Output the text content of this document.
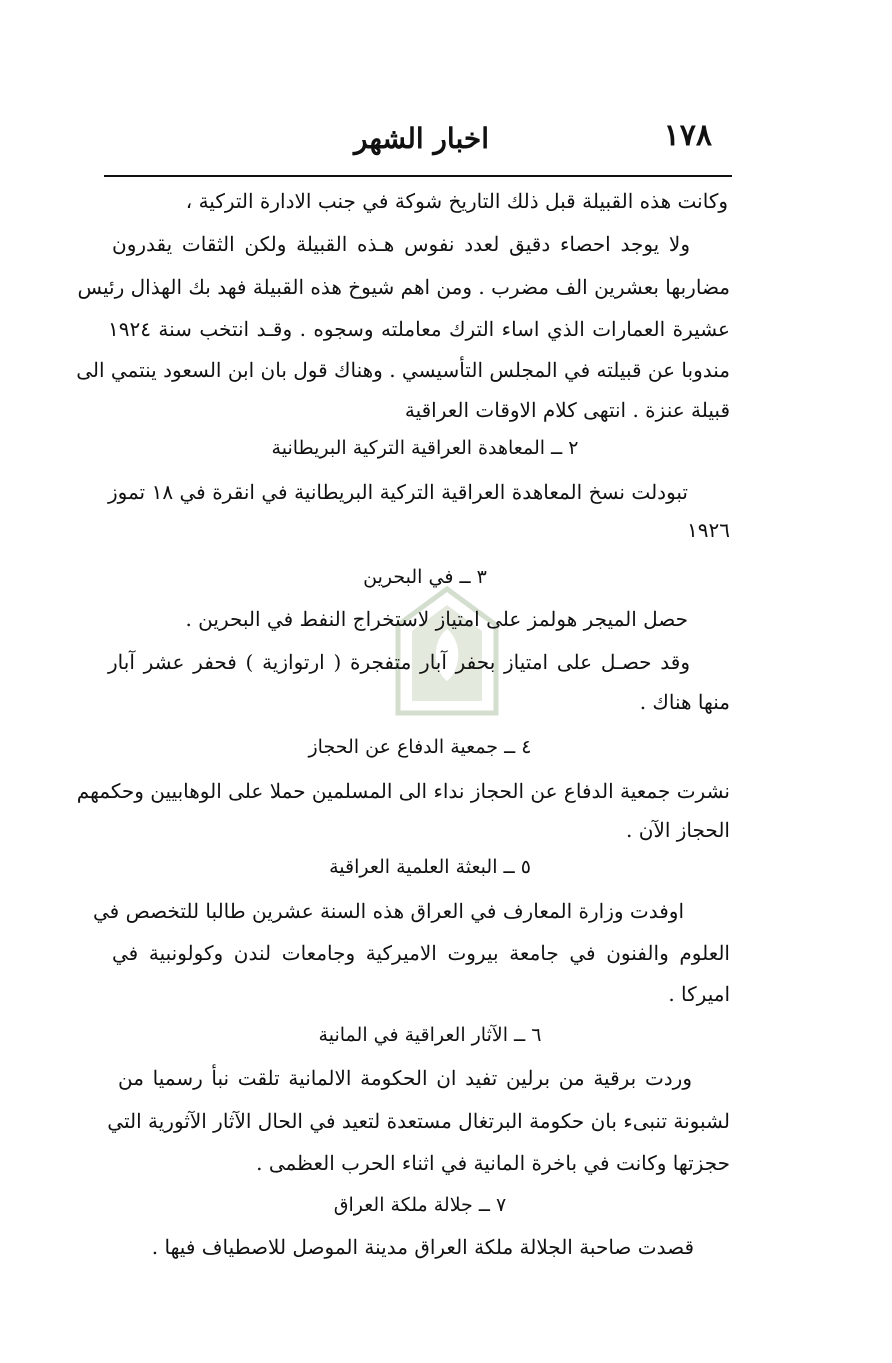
١٧٨
اخبار الشهر
وكانت هذه القبيلة قبل ذلك التاريخ شوكة في جنب الادارة التركية ،
ولا يوجد احصاء دقيق لعدد نفوس هـذه القبيلة ولكن الثقات يقدرون
مضاربها بعشرين الف مضرب . ومن اهم شيوخ هذه القبيلة فهد بك الهذال رئيس
عشيرة العمارات الذي اساء الترك معاملته وسجوه . وقـد انتخب سنة ١٩٢٤
مندوبا عن قبيلته في المجلس التأسيسي . وهناك قول بان ابن السعود ينتمي الى
قبيلة عنزة . انتهى كلام الاوقات العراقية
٢ ــ المعاهدة العراقية التركية البريطانية
تبودلت نسخ المعاهدة العراقية التركية البريطانية في انقرة في ١٨ تموز
١٩٢٦
٣ ــ في البحرين
حصل الميجر هولمز على امتياز لاستخراج النفط في البحرين .
وقد حصـل على امتياز بحفر آبار متفجرة ( ارتوازية ) فحفر عشر آبار
منها هناك .
٤ ــ جمعية الدفاع عن الحجاز
نشرت جمعية الدفاع عن الحجاز نداء الى المسلمين حملا على الوهابيين وحكمهم
الحجاز الآن .
٥ ــ البعثة العلمية العراقية
اوفدت وزارة المعارف في العراق هذه السنة عشرين طالبا للتخصص في
العلوم والفنون في جامعة بيروت الاميركية وجامعات لندن وكولونبية في
اميركا .
٦ ــ الآثار العراقية في المانية
وردت برقية من برلين تفيد ان الحكومة الالمانية تلقت نبأ رسميا من
لشبونة تنبىء بان حكومة البرتغال مستعدة لتعيد في الحال الآثار الآثورية التي
حجزتها وكانت في باخرة المانية في اثناء الحرب العظمى .
٧ ــ جلالة ملكة العراق
قصدت صاحبة الجلالة ملكة العراق مدينة الموصل للاصطياف فيها .
